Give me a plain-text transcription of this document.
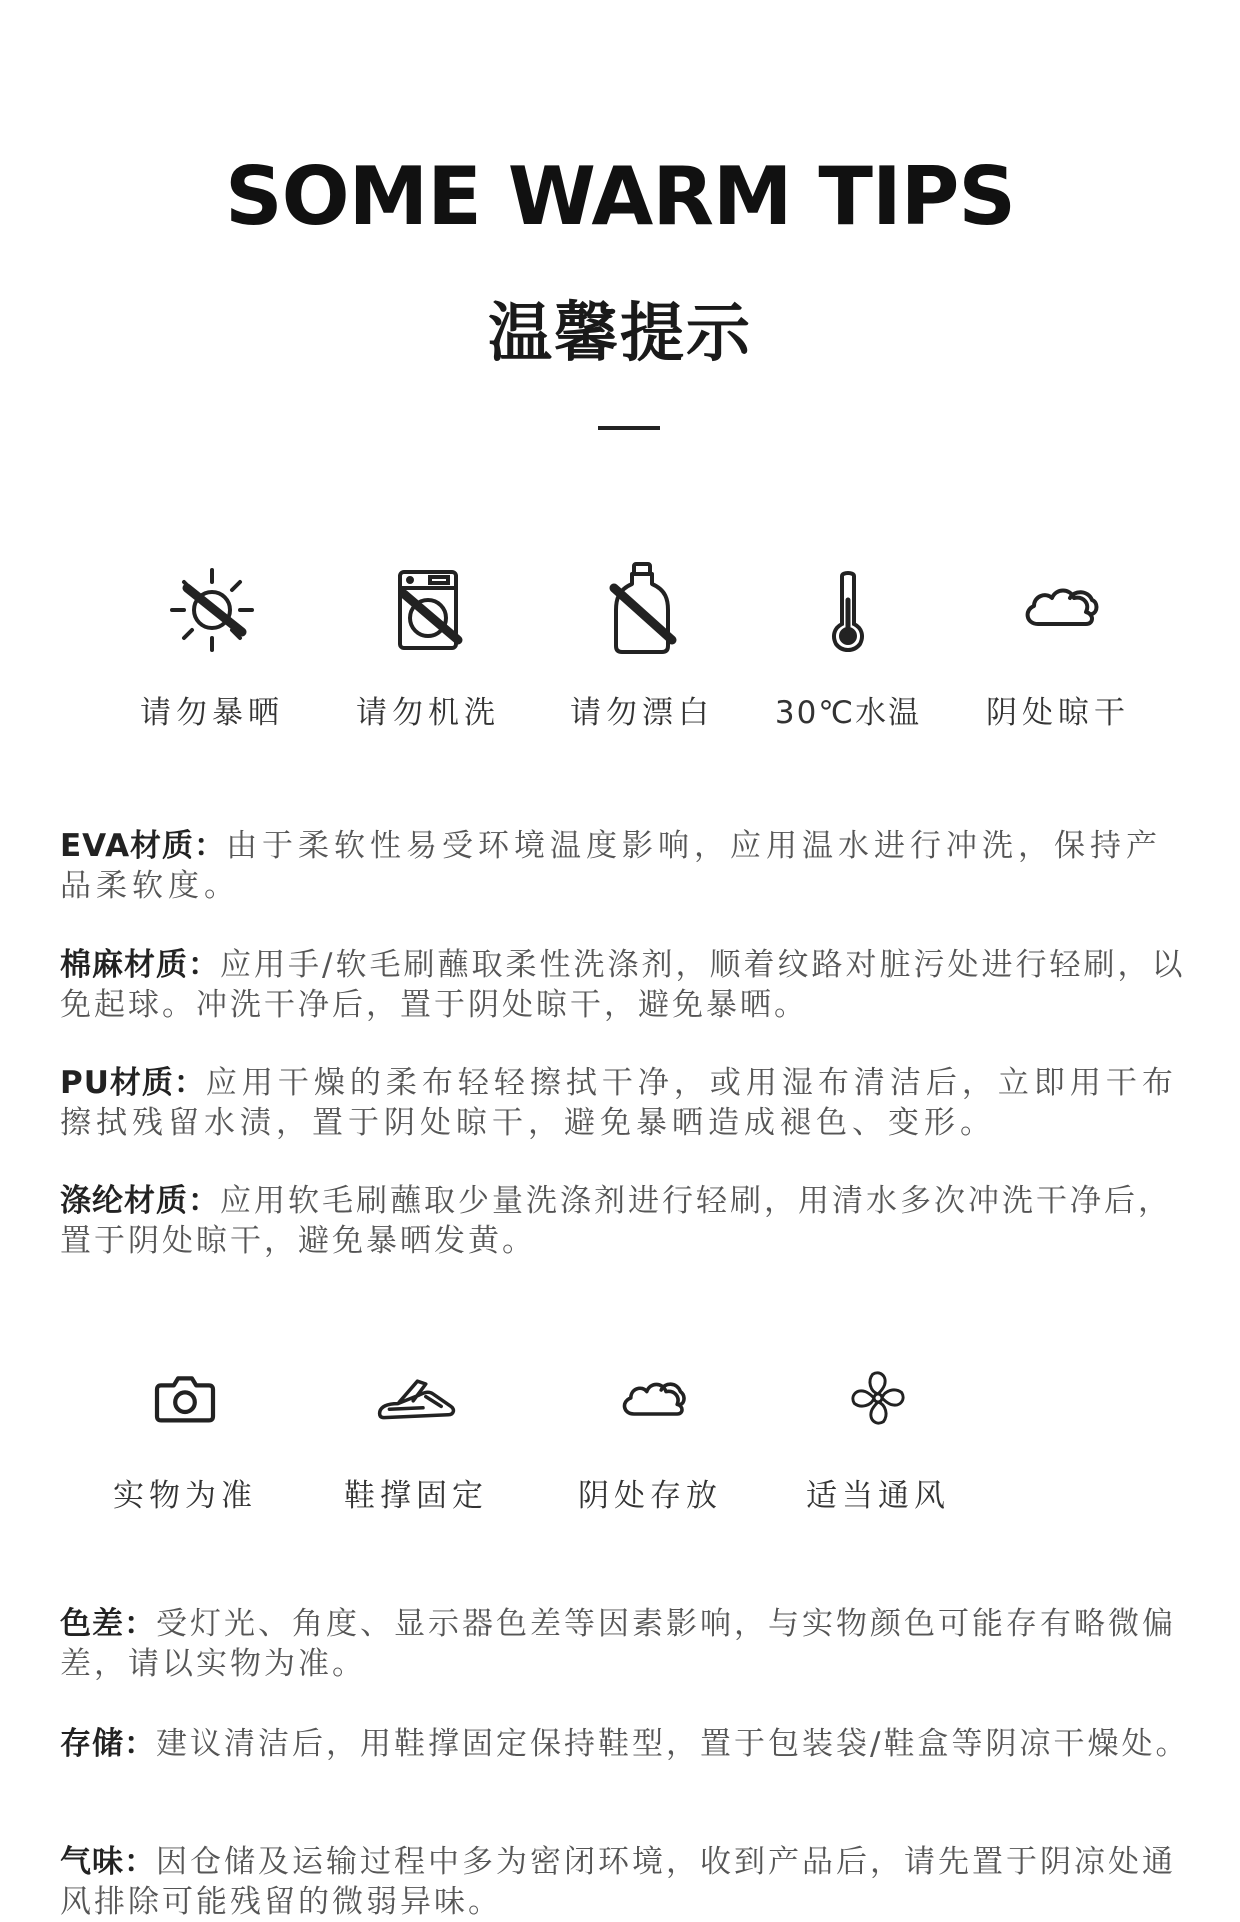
SOME WARM TIPS
温馨提示
请勿暴晒	请勿机洗	请勿漂白	30℃水温	阴处晾干

EVA材质：由于柔软性易受环境温度影响，应用温水进行冲洗，保持产品柔软度。

棉麻材质：应用手/软毛刷蘸取柔性洗涤剂，顺着纹路对脏污处进行轻刷，以免起球。冲洗干净后，置于阴处晾干，避免暴晒。

PU材质：应用干燥的柔布轻轻擦拭干净，或用湿布清洁后，立即用干布擦拭残留水渍，置于阴处晾干，避免暴晒造成褪色、变形。

涤纶材质：应用软毛刷蘸取少量洗涤剂进行轻刷，用清水多次冲洗干净后，置于阴处晾干，避免暴晒发黄。

实物为准	鞋撑固定	阴处存放	适当通风

色差：受灯光、角度、显示器色差等因素影响，与实物颜色可能存有略微偏差，请以实物为准。

存储：建议清洁后，用鞋撑固定保持鞋型，置于包装袋/鞋盒等阴凉干燥处。

气味：因仓储及运输过程中多为密闭环境，收到产品后，请先置于阴凉处通风排除可能残留的微弱异味。
